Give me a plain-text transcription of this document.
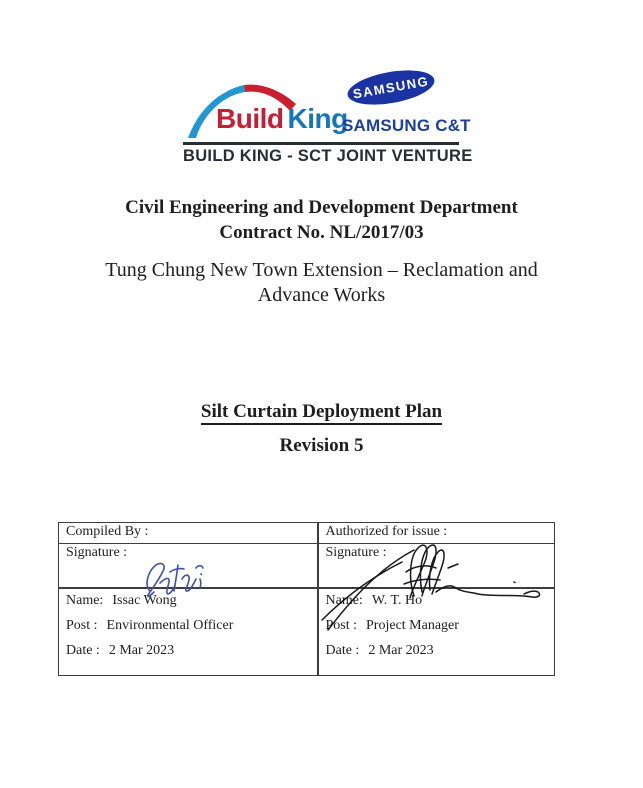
Build King
SAMSUNG
SAMSUNG C&T
BUILD KING - SCT JOINT VENTURE
Civil Engineering and Development Department
Contract No. NL/2017/03
Tung Chung New Town Extension – Reclamation and
Advance Works
Silt Curtain Deployment Plan
Revision 5
Compiled By :
Signature :
Name: Issac Wong
Post : Environmental Officer
Date : 2 Mar 2023
Authorized for issue :
Signature :
Name: W. T. Ho
Post : Project Manager
Date : 2 Mar 2023
